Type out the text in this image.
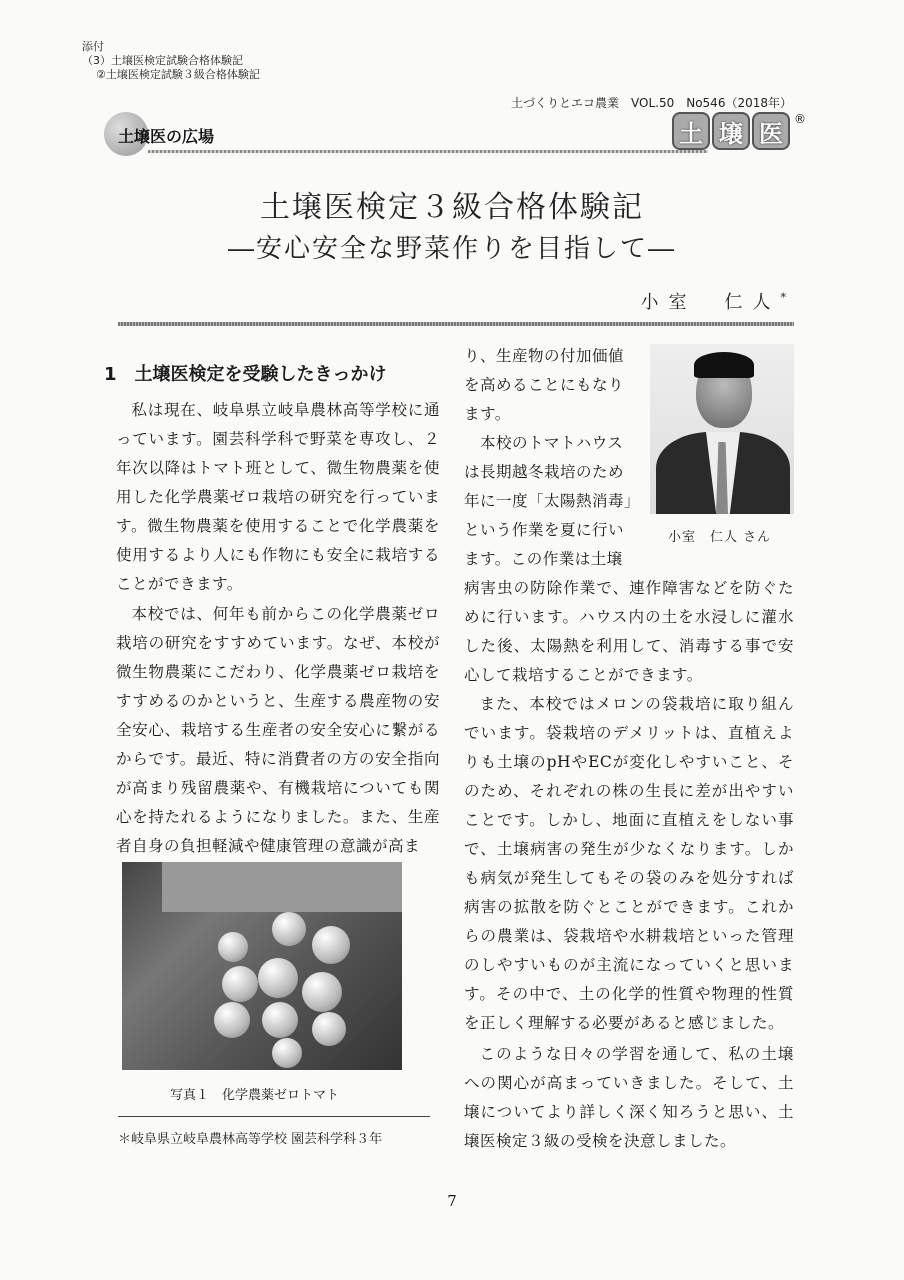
添付
（3）土壌医検定試験合格体験記
②土壌医検定試験３級合格体験記
土づくりとエコ農業　VOL.50　No546（2018年）
土壌医の広場	土 壌 医
®
土壌医検定３級合格体験記
―安心安全な野菜作りを目指して―
小室　仁人*
1　土壌医検定を受験したきっかけ
私は現在、岐阜県立岐阜農林高等学校に通っています。園芸科学科で野菜を専攻し、２年次以降はトマト班として、微生物農薬を使用した化学農薬ゼロ栽培の研究を行っています。微生物農薬を使用することで化学農薬を使用するより人にも作物にも安全に栽培することができます。
本校では、何年も前からこの化学農薬ゼロ栽培の研究をすすめています。なぜ、本校が微生物農薬にこだわり、化学農薬ゼロ栽培をすすめるのかというと、生産する農産物の安全安心、栽培する生産者の安全安心に繋がるからです。最近、特に消費者の方の安全指向が高まり残留農薬や、有機栽培についても関心を持たれるようになりました。また、生産者自身の負担軽減や健康管理の意識が高ま
写真１　化学農薬ゼロトマト
＊岐阜県立岐阜農林高等学校 園芸科学科３年
り、生産物の付加価値
を高めることにもなり
ます。
　本校のトマトハウス
は長期越冬栽培のため
年に一度「太陽熱消毒」
という作業を夏に行い
ます。この作業は土壌
小室　仁人 さん
病害虫の防除作業で、連作障害などを防ぐために行います。ハウス内の土を水浸しに灌水した後、太陽熱を利用して、消毒する事で安心して栽培することができます。
また、本校ではメロンの袋栽培に取り組んでいます。袋栽培のデメリットは、直植えよりも土壌のpHやECが変化しやすいこと、そのため、それぞれの株の生長に差が出やすいことです。しかし、地面に直植えをしない事で、土壌病害の発生が少なくなります。しかも病気が発生してもその袋のみを処分すれば病害の拡散を防ぐとことができます。これからの農業は、袋栽培や水耕栽培といった管理のしやすいものが主流になっていくと思います。その中で、土の化学的性質や物理的性質を正しく理解する必要があると感じました。
このような日々の学習を通して、私の土壌への関心が高まっていきました。そして、土壌についてより詳しく深く知ろうと思い、土壌医検定３級の受検を決意しました。
7
